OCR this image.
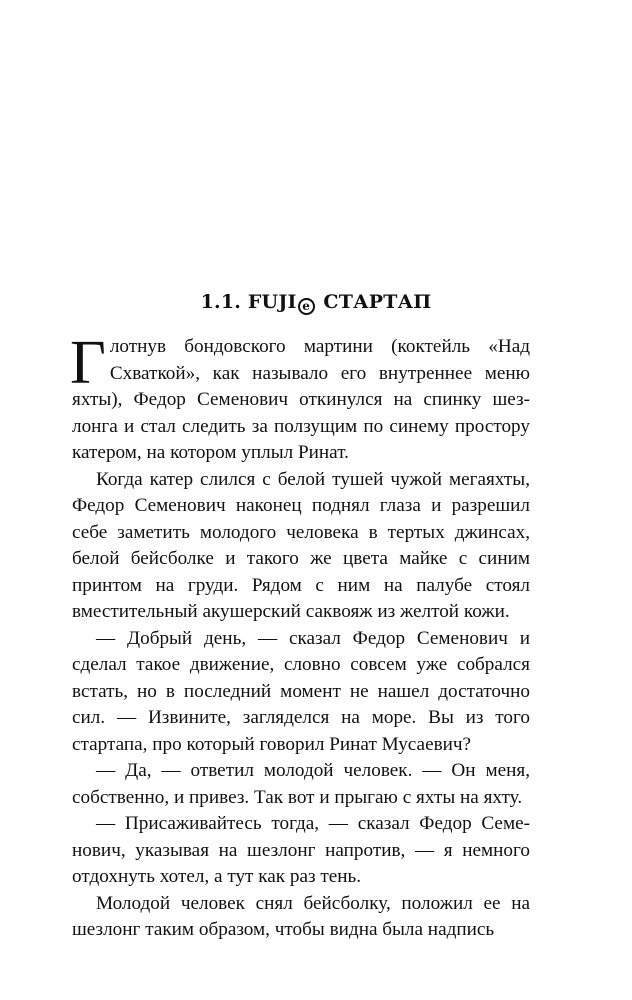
1.1. FUJI e СТАРТАП

Глотнув бондовского мартини (коктейль «Над Схваткой», как называло его внутреннее меню яхты), Федор Семенович откинулся на спинку шезлонга и стал следить за ползущим по синему простору катером, на котором уплыл Ринат.

Когда катер слился с белой тушей чужой мегаяхты, Федор Семенович наконец поднял глаза и разрешил себе заметить молодого человека в тертых джинсах, белой бейсболке и такого же цвета майке с синим принтом на груди. Рядом с ним на палубе стоял вместительный акушерский саквояж из желтой кожи.

— Добрый день, — сказал Федор Семенович и сделал такое движение, словно совсем уже собрался встать, но в последний момент не нашел достаточно сил. — Извините, загляделся на море. Вы из того стартапа, про который говорил Ринат Мусаевич?

— Да, — ответил молодой человек. — Он меня, собственно, и привез. Так вот и прыгаю с яхты на яхту.

— Присаживайтесь тогда, — сказал Федор Семенович, указывая на шезлонг напротив, — я немного отдохнуть хотел, а тут как раз тень.

Молодой человек снял бейсболку, положил ее на шезлонг таким образом, чтобы видна была надпись
